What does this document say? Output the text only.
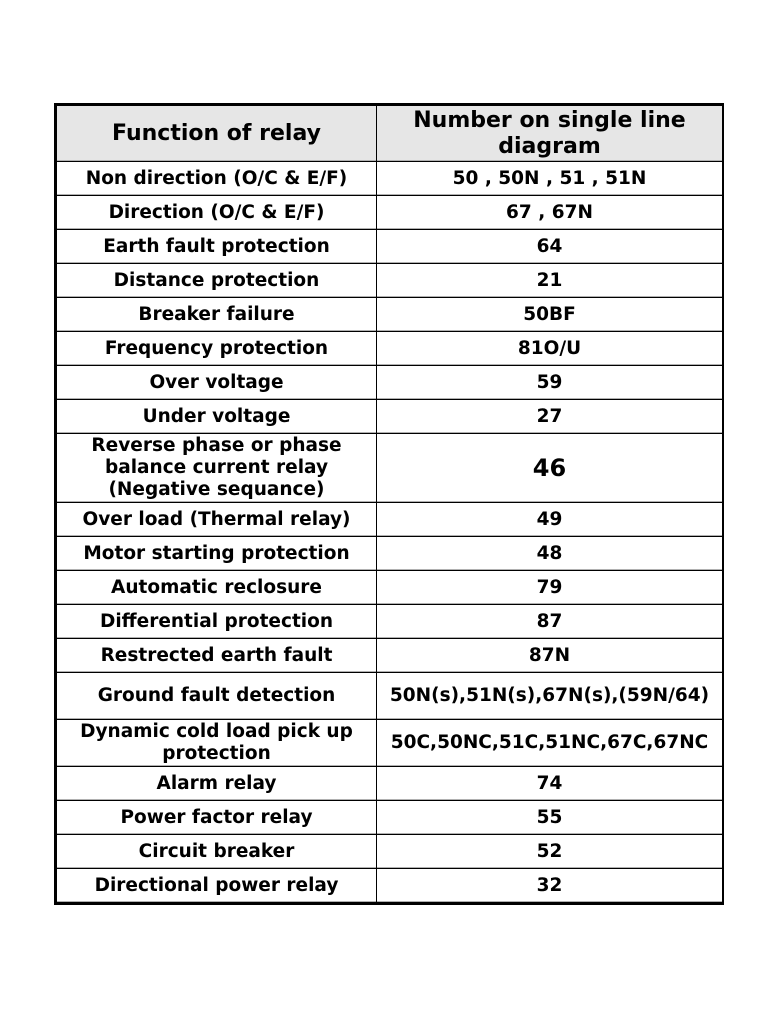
Function of relay	Number on single line diagram
Non direction (O/C & E/F)	50 , 50N , 51 , 51N
Direction (O/C & E/F)	67 , 67N
Earth fault protection	64
Distance protection	21
Breaker failure	50BF
Frequency protection	81O/U
Over voltage	59
Under voltage	27
Reverse phase or phase balance current relay (Negative sequance)	46
Over load (Thermal relay)	49
Motor starting protection	48
Automatic reclosure	79
Differential protection	87
Restrected earth fault	87N
Ground fault detection	50N(s),51N(s),67N(s),(59N/64)
Dynamic cold load pick up protection	50C,50NC,51C,51NC,67C,67NC
Alarm relay	74
Power factor relay	55
Circuit breaker	52
Directional power relay	32
